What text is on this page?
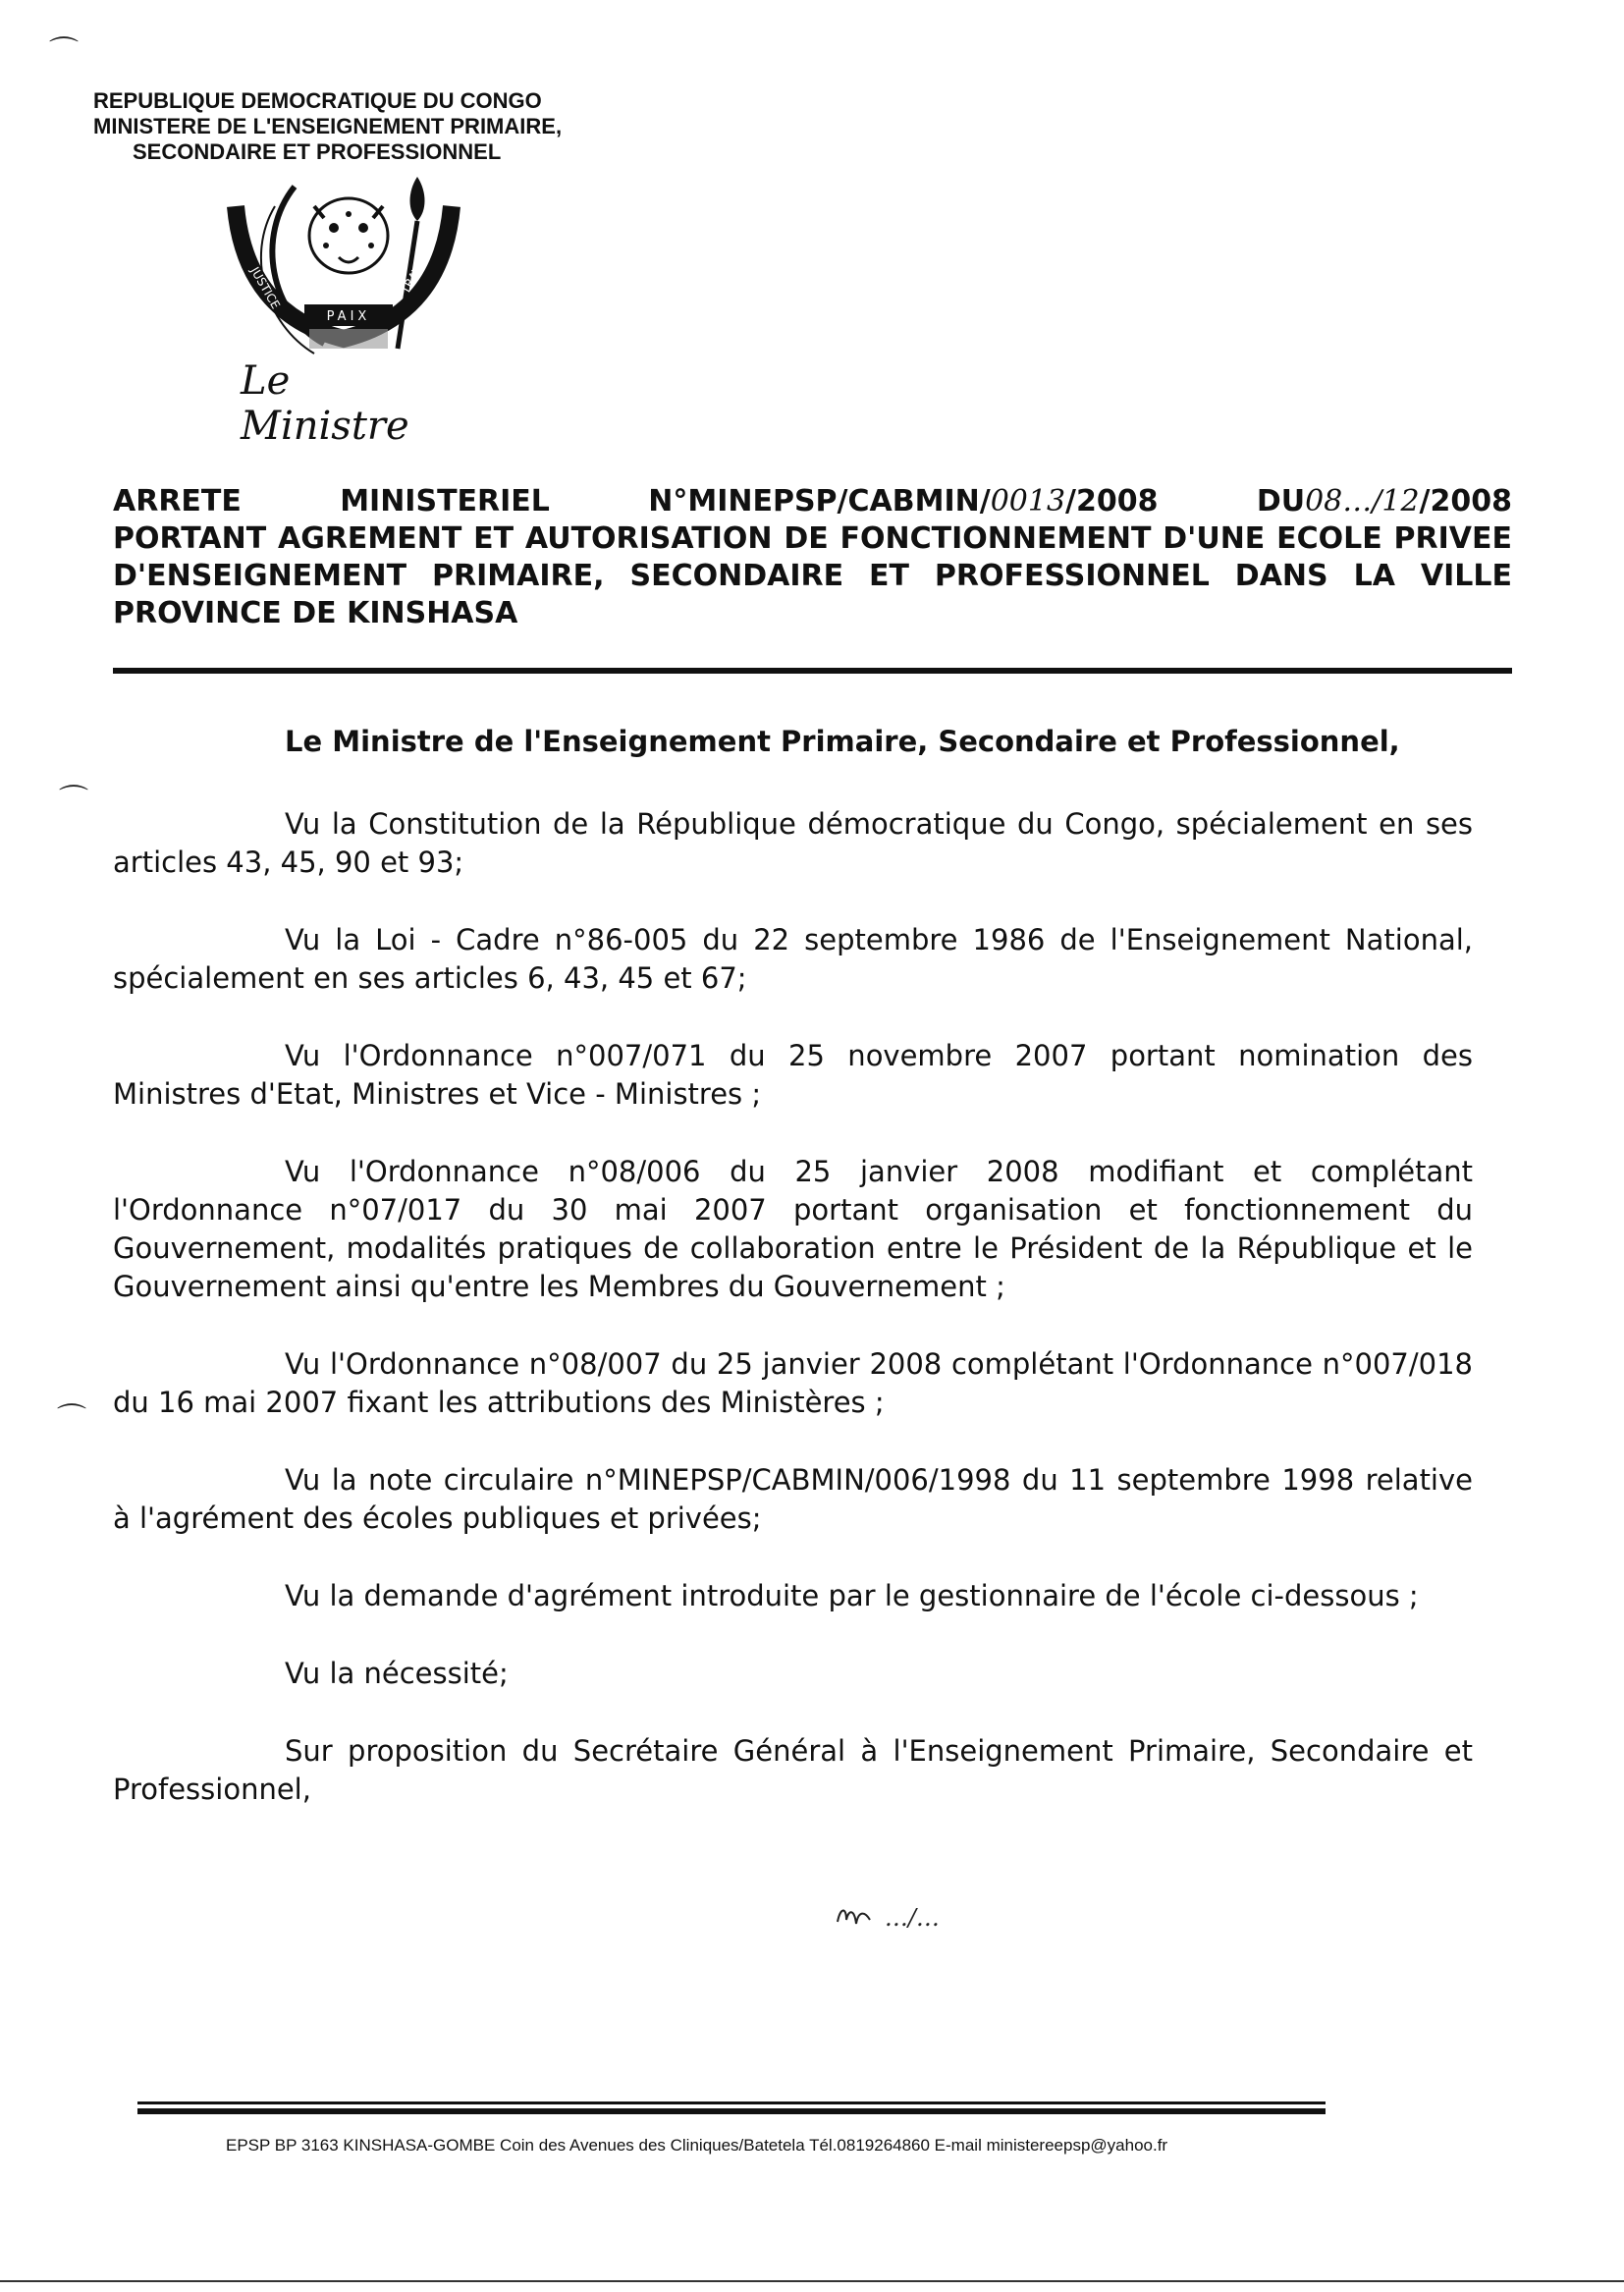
⌒
⌒
⌒
REPUBLIQUE DEMOCRATIQUE DU CONGO
MINISTERE DE L'ENSEIGNEMENT PRIMAIRE,
SECONDAIRE ET PROFESSIONNEL
JUSTICE	TRAVAIL
PAIX
Le Ministre
ARRETE	MINISTERIEL	N°MINEPSP/CABMIN/0013/2008	DU08…/12/2008
PORTANT AGREMENT ET AUTORISATION DE FONCTIONNEMENT D'UNE ECOLE PRIVEE D'ENSEIGNEMENT PRIMAIRE, SECONDAIRE ET PROFESSIONNEL DANS LA VILLE PROVINCE DE KINSHASA
Le Ministre de l'Enseignement Primaire, Secondaire et Professionnel,

Vu la Constitution de la République démocratique du Congo, spécialement en ses articles 43, 45, 90 et 93;

Vu la Loi - Cadre n°86-005 du 22 septembre 1986 de l'Enseignement National, spécialement en ses articles 6, 43, 45 et 67;

Vu l'Ordonnance n°007/071 du 25 novembre 2007 portant nomination des Ministres d'Etat, Ministres et Vice - Ministres ;

Vu l'Ordonnance n°08/006 du 25 janvier 2008 modifiant et complétant l'Ordonnance n°07/017 du 30 mai 2007 portant organisation et fonctionnement du Gouvernement, modalités pratiques de collaboration entre le Président de la République et le Gouvernement ainsi qu'entre les Membres du Gouvernement ;

Vu l'Ordonnance n°08/007 du 25 janvier 2008 complétant l'Ordonnance n°007/018 du 16 mai 2007 fixant les attributions des Ministères ;

Vu la note circulaire n°MINEPSP/CABMIN/006/1998 du 11 septembre 1998 relative à l'agrément des écoles publiques et privées;

Vu la demande d'agrément introduite par le gestionnaire de l'école ci-dessous ;

Vu la nécessité;

Sur proposition du Secrétaire Général à l'Enseignement Primaire, Secondaire et Professionnel,

…/…
EPSP BP 3163 KINSHASA-GOMBE Coin des Avenues des Cliniques/Batetela Tél.0819264860 E-mail ministereepsp@yahoo.fr
